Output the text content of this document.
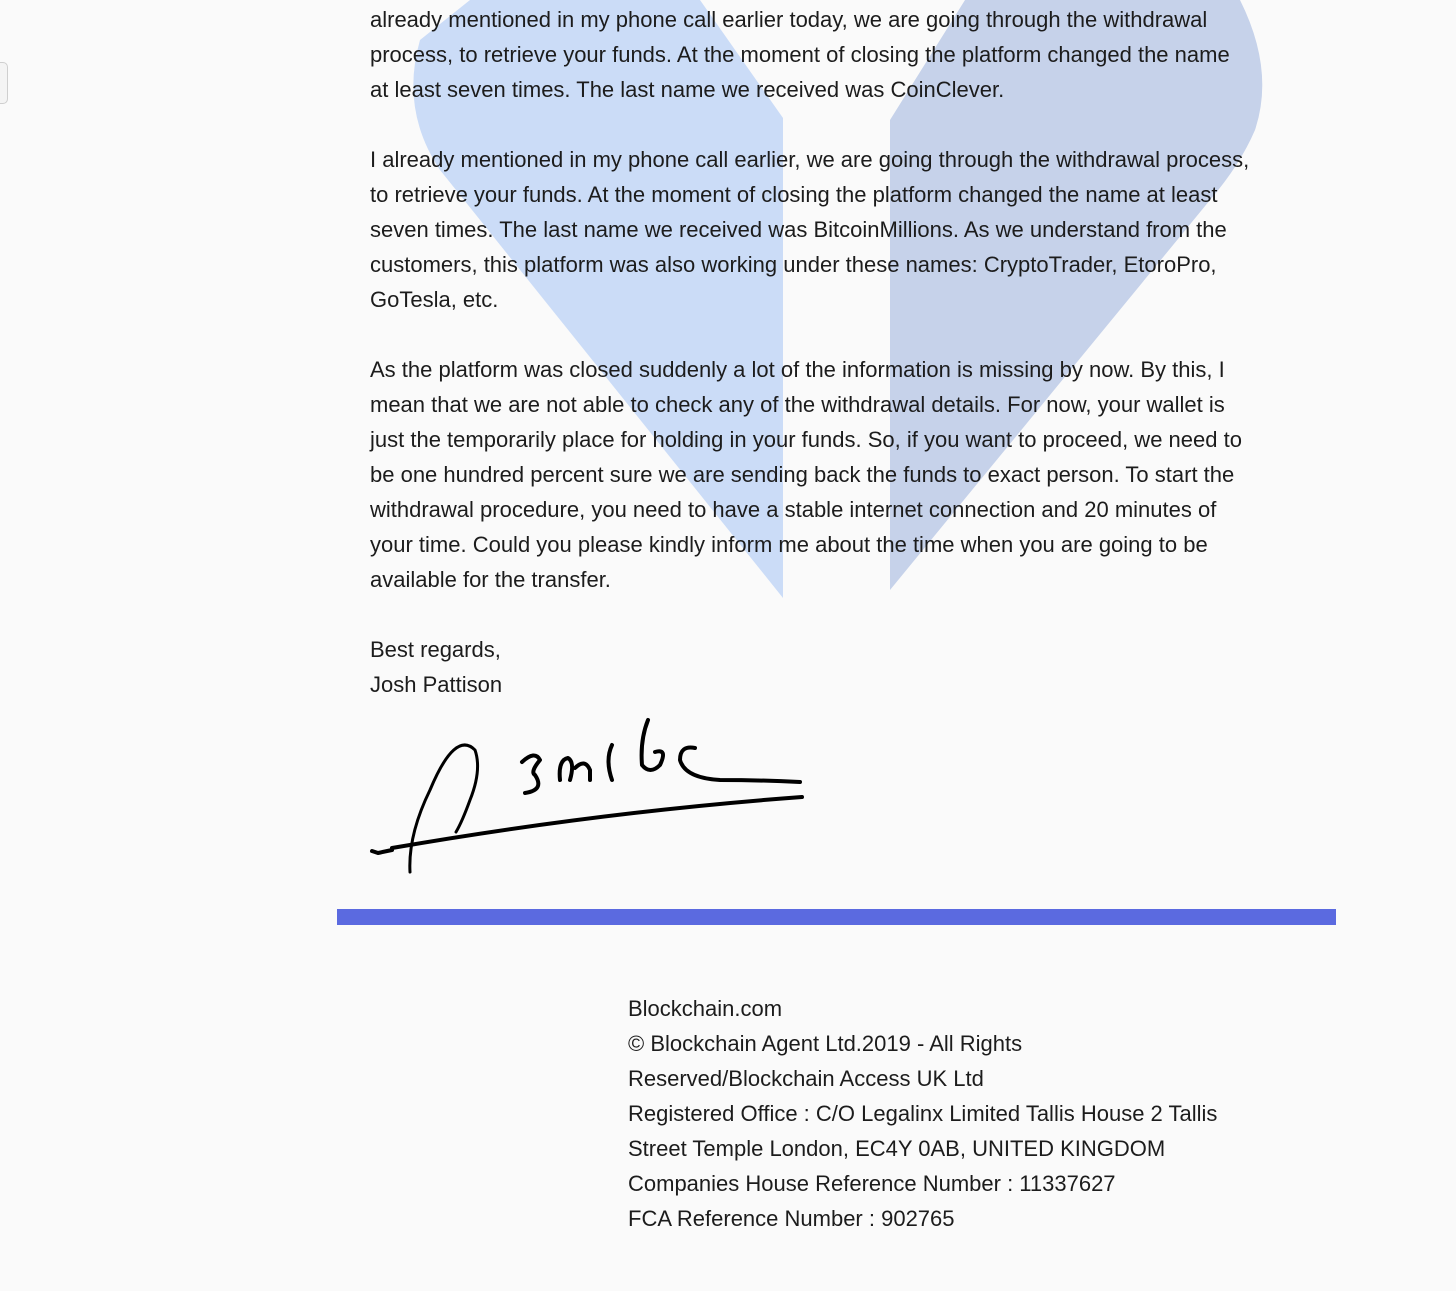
already mentioned in my phone call earlier today, we are going through the withdrawal
process, to retrieve your funds. At the moment of closing the platform changed the name
at least seven times. The last name we received was CoinClever.
I already mentioned in my phone call earlier, we are going through the withdrawal process,
to retrieve your funds. At the moment of closing the platform changed the name at least
seven times. The last name we received was BitcoinMillions. As we understand from the
customers, this platform was also working under these names: CryptoTrader, EtoroPro,
GoTesla, etc.
As the platform was closed suddenly a lot of the information is missing by now. By this, I
mean that we are not able to check any of the withdrawal details. For now, your wallet is
just the temporarily place for holding in your funds. So, if you want to proceed, we need to
be one hundred percent sure we are sending back the funds to exact person. To start the
withdrawal procedure, you need to have a stable internet connection and 20 minutes of
your time. Could you please kindly inform me about the time when you are going to be
available for the transfer.
Best regards,
Josh Pattison
Blockchain.com
© Blockchain Agent Ltd.2019 - All Rights
Reserved/Blockchain Access UK Ltd
Registered Office : C/O Legalinx Limited Tallis House 2 Tallis
Street Temple London, EC4Y 0AB, UNITED KINGDOM
Companies House Reference Number : 11337627
FCA Reference Number : 902765
